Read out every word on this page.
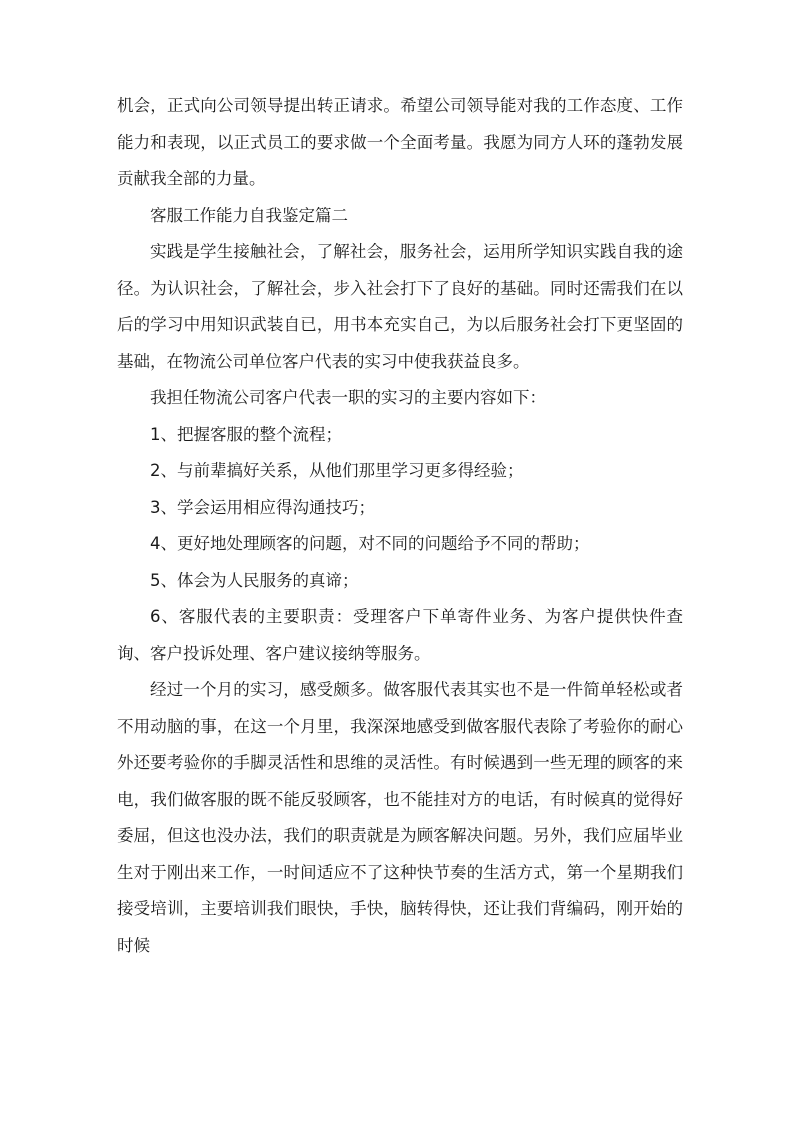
机会，正式向公司领导提出转正请求。希望公司领导能对我的工作态度、工作能力和表现，以正式员工的要求做一个全面考量。我愿为同方人环的蓬勃发展贡献我全部的力量。

客服工作能力自我鉴定篇二

实践是学生接触社会，了解社会，服务社会，运用所学知识实践自我的途径。为认识社会，了解社会，步入社会打下了良好的基础。同时还需我们在以后的学习中用知识武装自已，用书本充实自己，为以后服务社会打下更坚固的基础，在物流公司单位客户代表的实习中使我获益良多。

我担任物流公司客户代表一职的实习的主要内容如下：

1、把握客服的整个流程；

2、与前辈搞好关系，从他们那里学习更多得经验；

3、学会运用相应得沟通技巧；

4、更好地处理顾客的问题，对不同的问题给予不同的帮助；

5、体会为人民服务的真谛；

6、客服代表的主要职责：受理客户下单寄件业务、为客户提供快件查询、客户投诉处理、客户建议接纳等服务。

经过一个月的实习，感受颇多。做客服代表其实也不是一件简单轻松或者不用动脑的事，在这一个月里，我深深地感受到做客服代表除了考验你的耐心外还要考验你的手脚灵活性和思维的灵活性。有时候遇到一些无理的顾客的来电，我们做客服的既不能反驳顾客，也不能挂对方的电话，有时候真的觉得好委屈，但这也没办法，我们的职责就是为顾客解决问题。另外，我们应届毕业生对于刚出来工作，一时间适应不了这种快节奏的生活方式，第一个星期我们接受培训，主要培训我们眼快，手快，脑转得快，还让我们背编码，刚开始的时候
